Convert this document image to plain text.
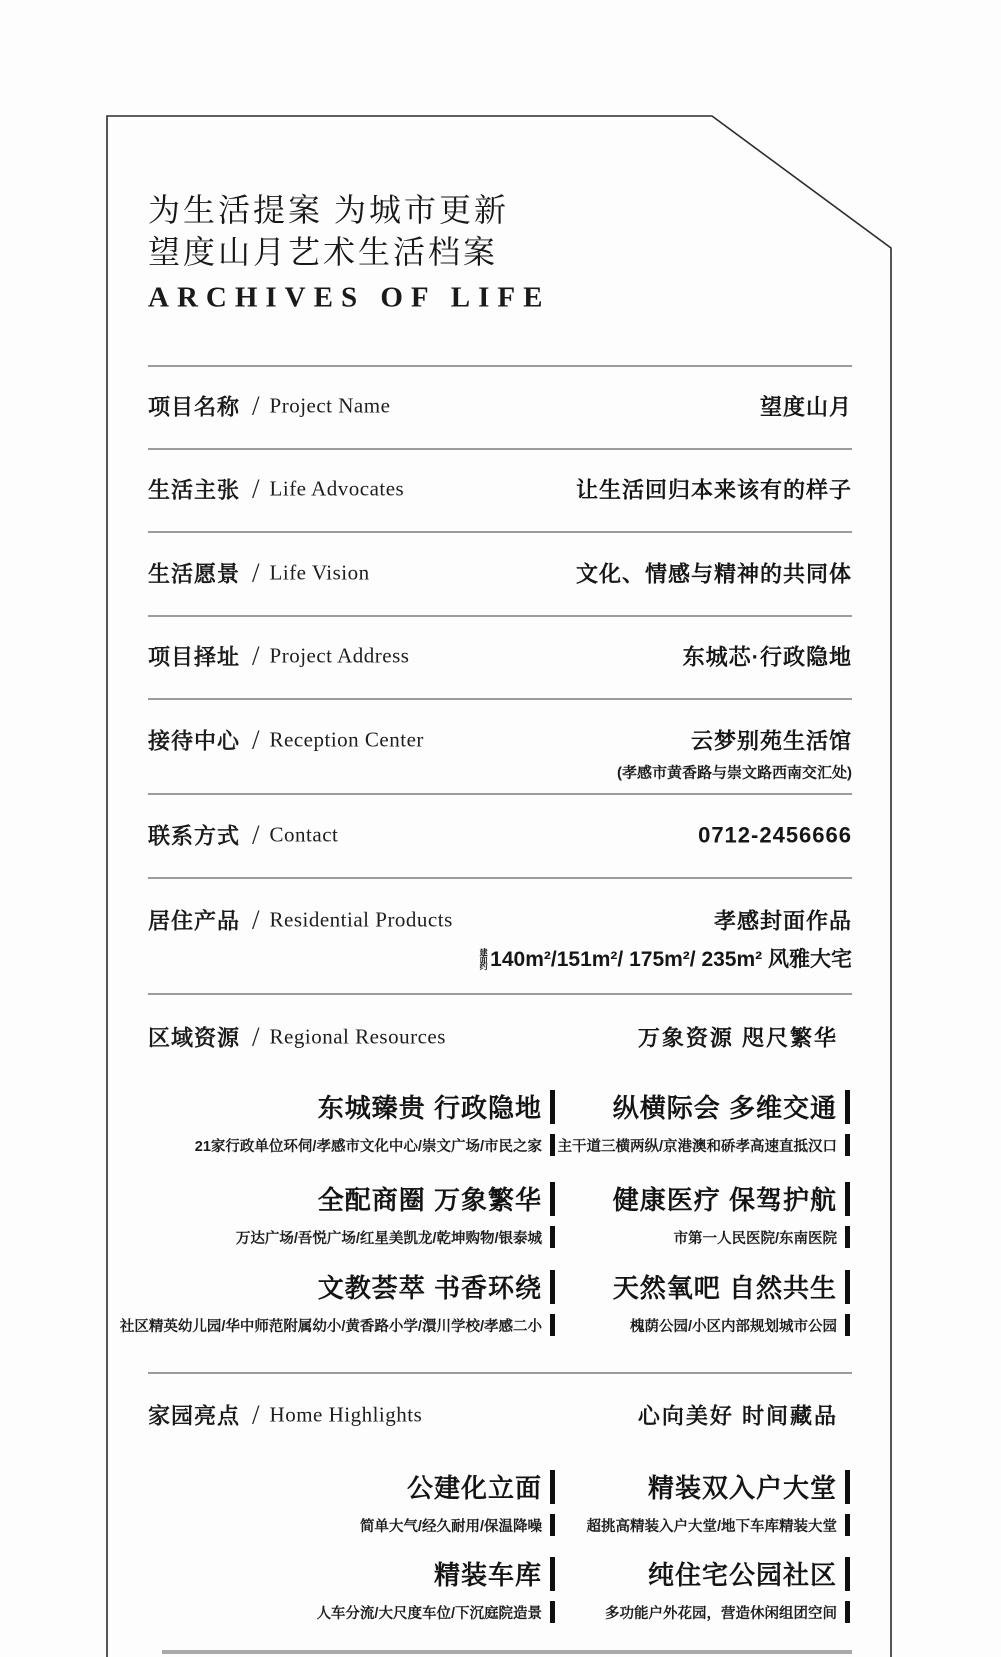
为生活提案 为城市更新
望度山月艺术生活档案
ARCHIVES OF LIFE
项目名称 / Project Name	望度山月
生活主张 / Life Advocates	让生活回归本来该有的样子
生活愿景 / Life Vision	文化、情感与精神的共同体
项目择址 / Project Address	东城芯·行政隐地
接待中心 / Reception Center	云梦别苑生活馆
(孝感市黄香路与崇文路西南交汇处)
联系方式 / Contact	0712-2456666
居住产品 / Residential Products	孝感封面作品
建面约 140m²/151m²/ 175m²/ 235m² 风雅大宅
区域资源 / Regional Resources	万象资源 咫尺繁华
东城臻贵 行政隐地
21家行政单位环伺/孝感市文化中心/崇文广场/市民之家
纵横际会 多维交通
主干道三横两纵/京港澳和硚孝高速直抵汉口
全配商圈 万象繁华
万达广场/吾悦广场/红星美凯龙/乾坤购物/银泰城
健康医疗 保驾护航
市第一人民医院/东南医院
文教荟萃 书香环绕
社区精英幼儿园/华中师范附属幼小/黄香路小学/澴川学校/孝感二小
天然氧吧 自然共生
槐荫公园/小区内部规划城市公园
家园亮点 / Home Highlights	心向美好 时间藏品
公建化立面
简单大气/经久耐用/保温降噪
精装双入户大堂
超挑高精装入户大堂/地下车库精装大堂
精装车库
人车分流/大尺度车位/下沉庭院造景
纯住宅公园社区
多功能户外花园，营造休闲组团空间
